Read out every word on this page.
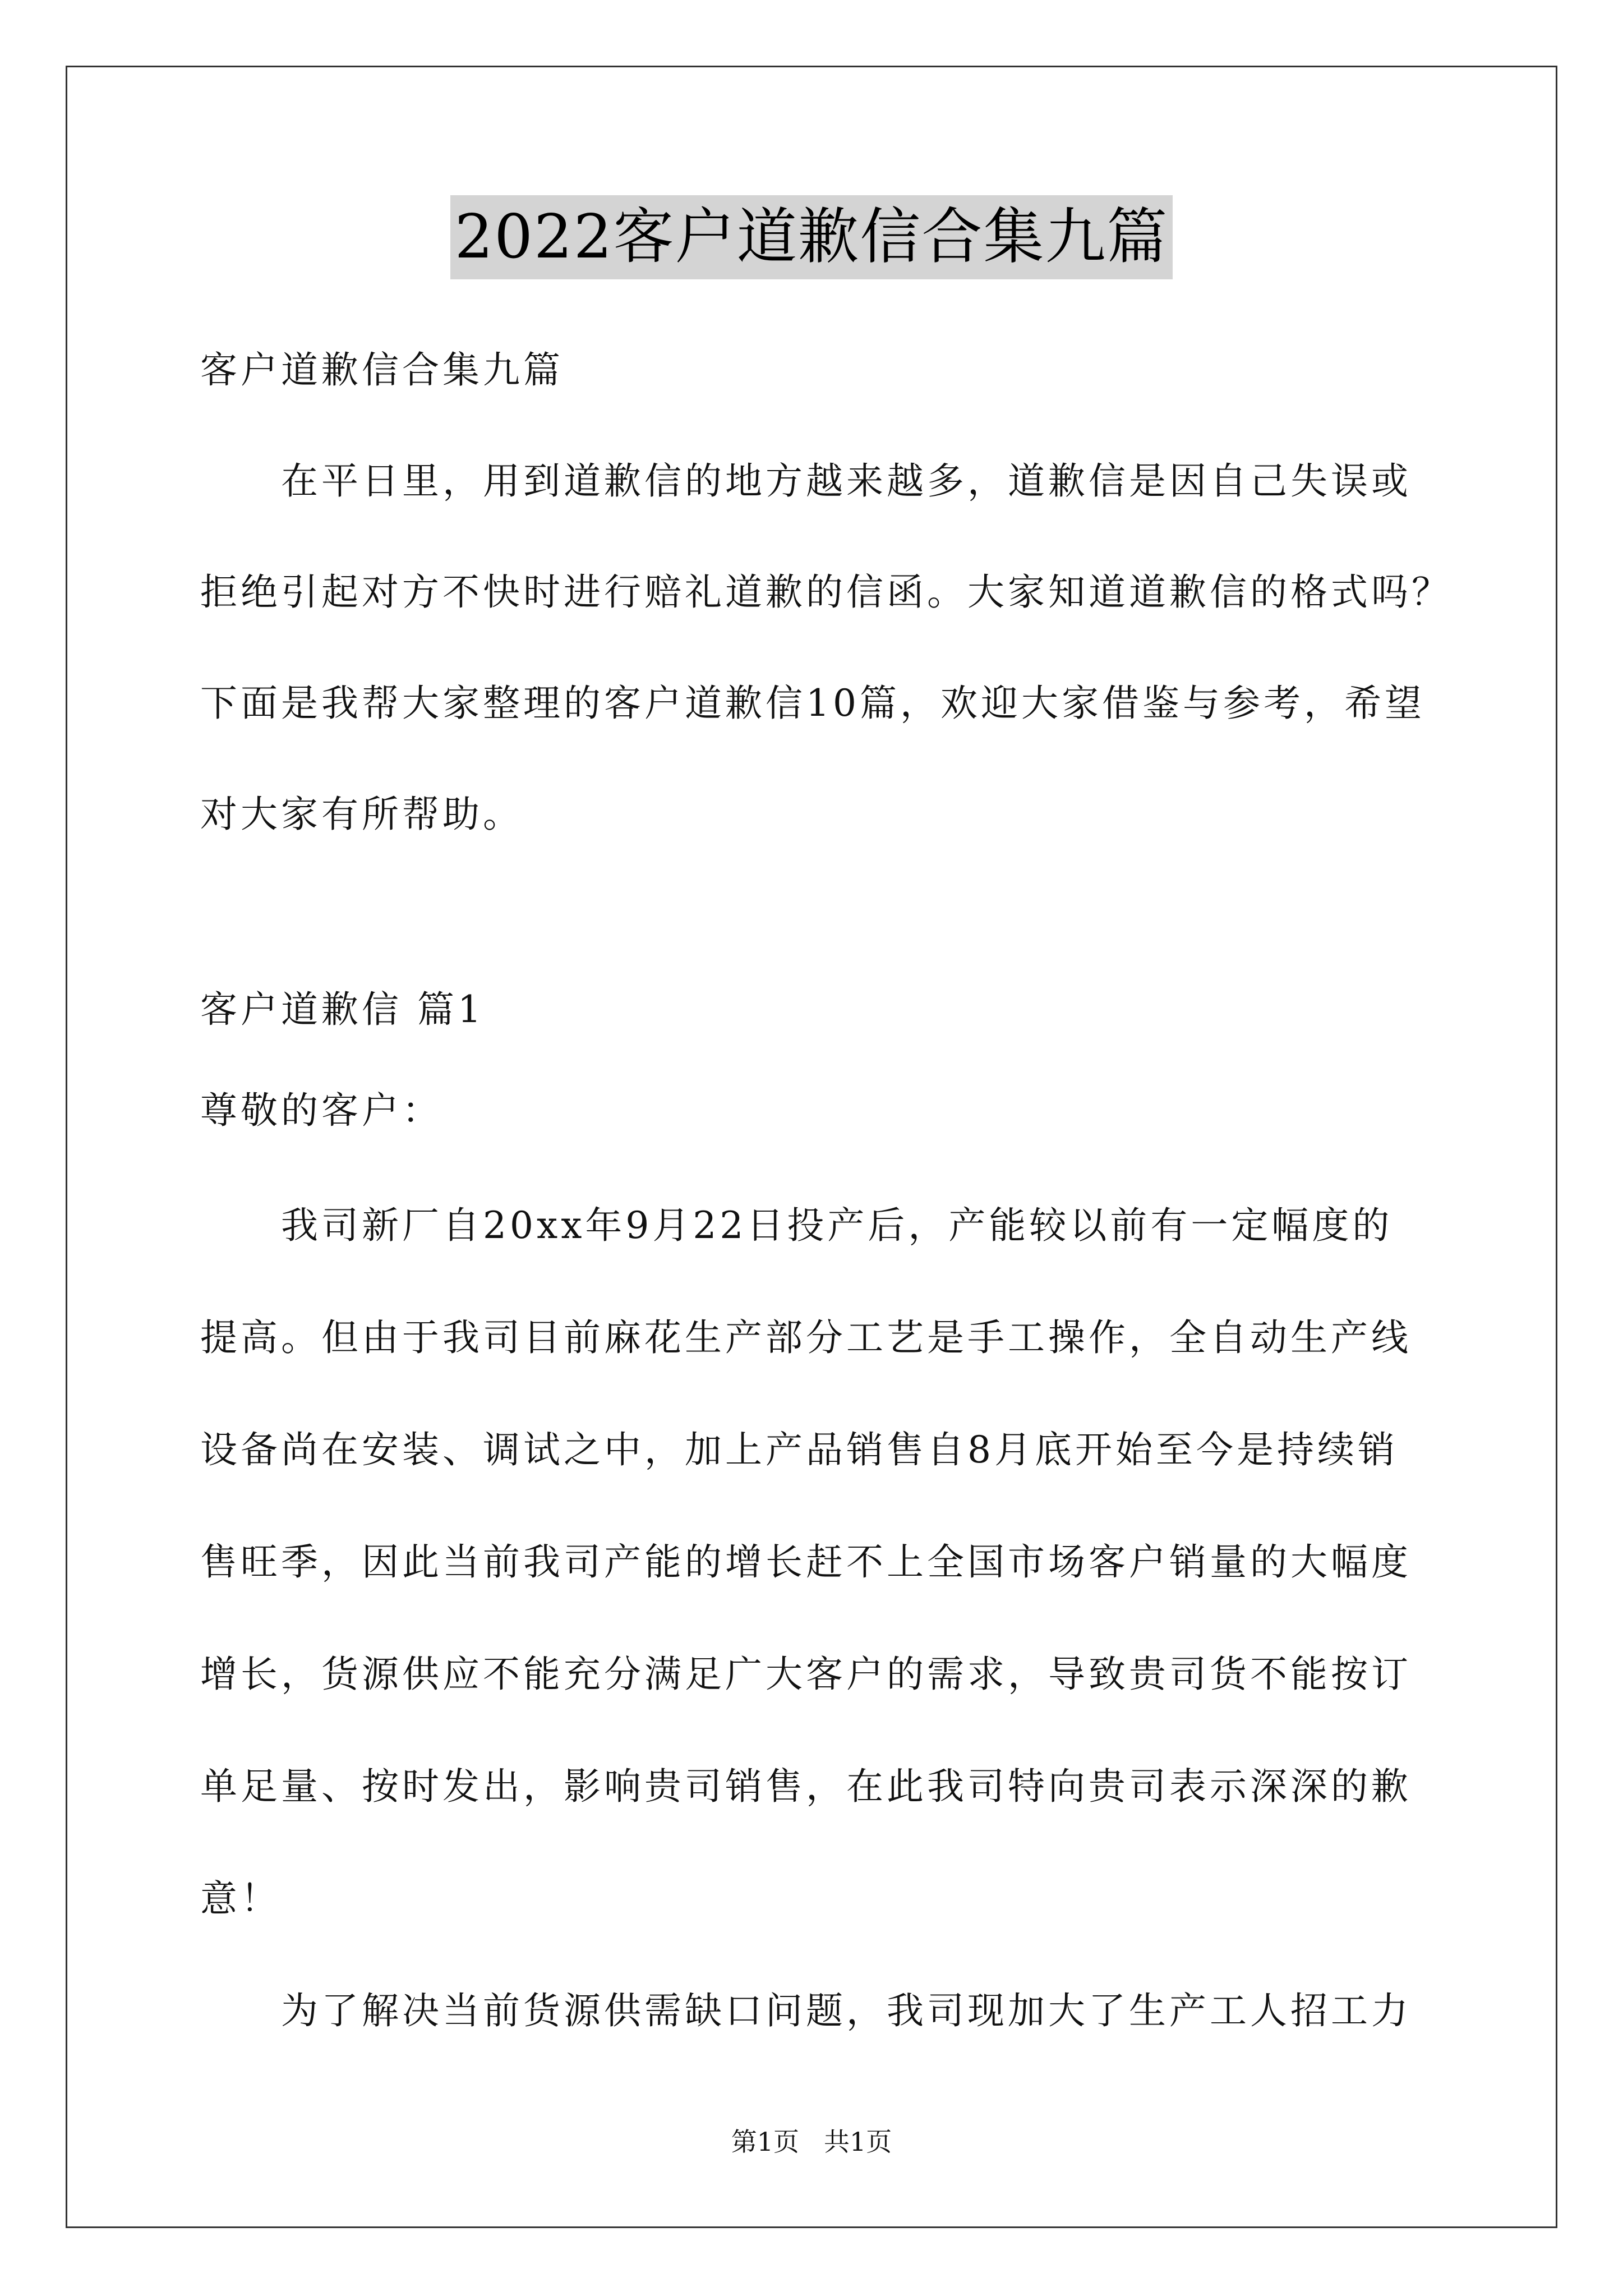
2022客户道歉信合集九篇
客户道歉信合集九篇
在平日里，用到道歉信的地方越来越多，道歉信是因自己失误或
拒绝引起对方不快时进行赔礼道歉的信函。大家知道道歉信的格式吗？
下面是我帮大家整理的客户道歉信10篇，欢迎大家借鉴与参考，希望
对大家有所帮助。
客户道歉信 篇1
尊敬的客户：
我司新厂自20xx年9月22日投产后，产能较以前有一定幅度的
提高。但由于我司目前麻花生产部分工艺是手工操作，全自动生产线
设备尚在安装、调试之中，加上产品销售自8月底开始至今是持续销
售旺季，因此当前我司产能的增长赶不上全国市场客户销量的大幅度
增长，货源供应不能充分满足广大客户的需求，导致贵司货不能按订
单足量、按时发出，影响贵司销售，在此我司特向贵司表示深深的歉
意！
为了解决当前货源供需缺口问题，我司现加大了生产工人招工力
第1页 共1页
